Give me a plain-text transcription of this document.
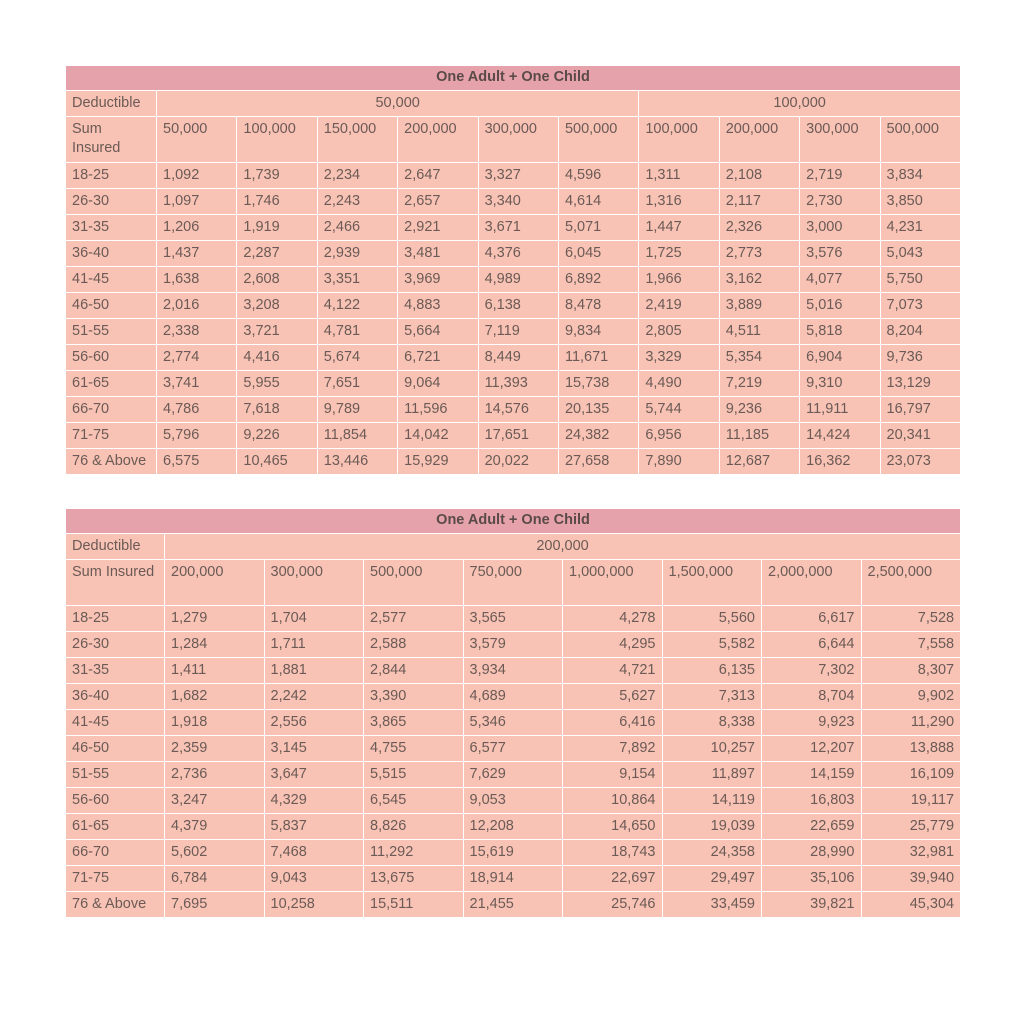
One Adult + One Child										
Deductible	50,000						100,000			
Sum Insured	50,000	100,000	150,000	200,000	300,000	500,000	100,000	200,000	300,000	500,000
18-25	1,092	1,739	2,234	2,647	3,327	4,596	1,311	2,108	2,719	3,834
26-30	1,097	1,746	2,243	2,657	3,340	4,614	1,316	2,117	2,730	3,850
31-35	1,206	1,919	2,466	2,921	3,671	5,071	1,447	2,326	3,000	4,231
36-40	1,437	2,287	2,939	3,481	4,376	6,045	1,725	2,773	3,576	5,043
41-45	1,638	2,608	3,351	3,969	4,989	6,892	1,966	3,162	4,077	5,750
46-50	2,016	3,208	4,122	4,883	6,138	8,478	2,419	3,889	5,016	7,073
51-55	2,338	3,721	4,781	5,664	7,119	9,834	2,805	4,511	5,818	8,204
56-60	2,774	4,416	5,674	6,721	8,449	11,671	3,329	5,354	6,904	9,736
61-65	3,741	5,955	7,651	9,064	11,393	15,738	4,490	7,219	9,310	13,129
66-70	4,786	7,618	9,789	11,596	14,576	20,135	5,744	9,236	11,911	16,797
71-75	5,796	9,226	11,854	14,042	17,651	24,382	6,956	11,185	14,424	20,341
76 & Above	6,575	10,465	13,446	15,929	20,022	27,658	7,890	12,687	16,362	23,073
One Adult + One Child								
Deductible	200,000							
Sum Insured	200,000	300,000	500,000	750,000	1,000,000	1,500,000	2,000,000	2,500,000
18-25	1,279	1,704	2,577	3,565	4,278	5,560	6,617	7,528
26-30	1,284	1,711	2,588	3,579	4,295	5,582	6,644	7,558
31-35	1,411	1,881	2,844	3,934	4,721	6,135	7,302	8,307
36-40	1,682	2,242	3,390	4,689	5,627	7,313	8,704	9,902
41-45	1,918	2,556	3,865	5,346	6,416	8,338	9,923	11,290
46-50	2,359	3,145	4,755	6,577	7,892	10,257	12,207	13,888
51-55	2,736	3,647	5,515	7,629	9,154	11,897	14,159	16,109
56-60	3,247	4,329	6,545	9,053	10,864	14,119	16,803	19,117
61-65	4,379	5,837	8,826	12,208	14,650	19,039	22,659	25,779
66-70	5,602	7,468	11,292	15,619	18,743	24,358	28,990	32,981
71-75	6,784	9,043	13,675	18,914	22,697	29,497	35,106	39,940
76 & Above	7,695	10,258	15,511	21,455	25,746	33,459	39,821	45,304
